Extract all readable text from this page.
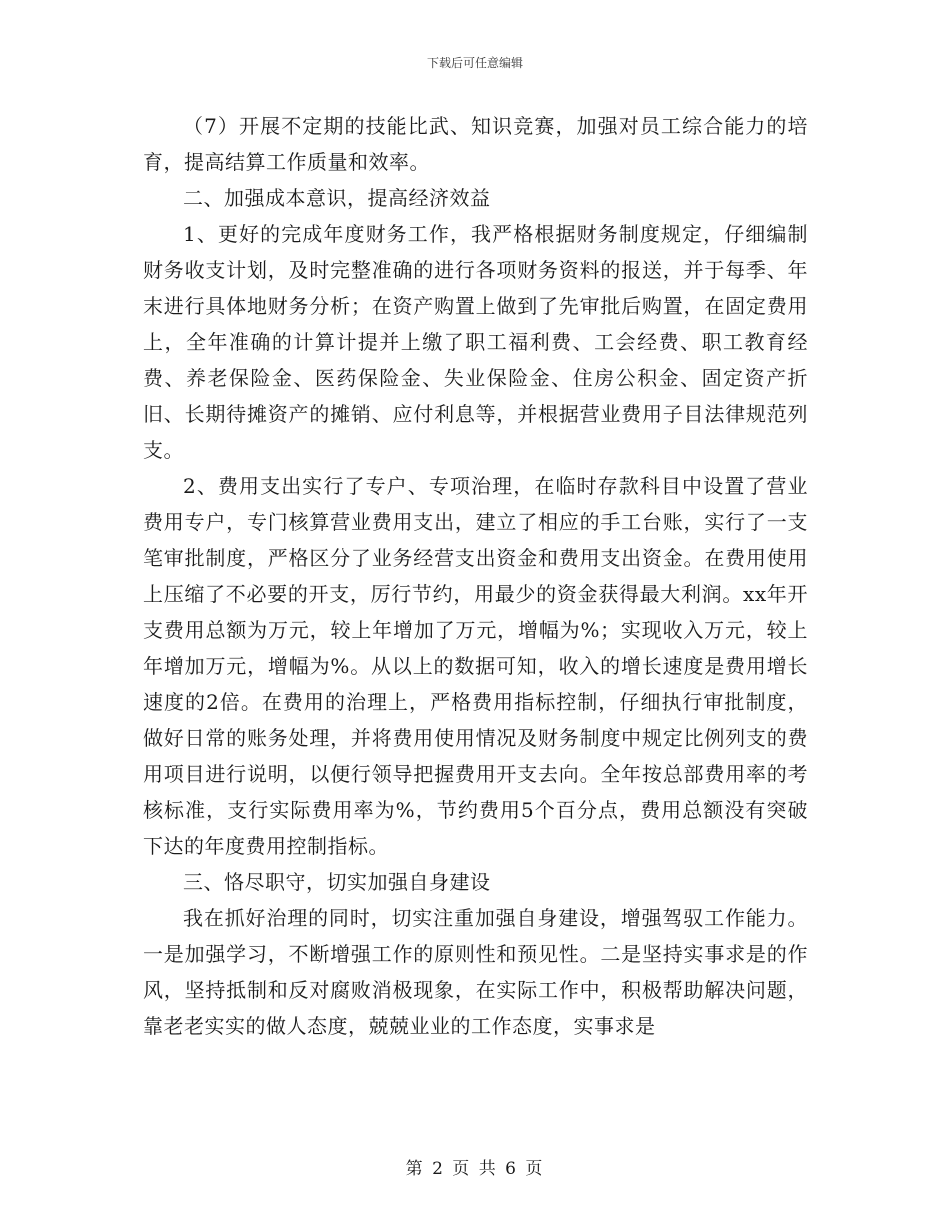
下载后可任意编辑

（7）开展不定期的技能比武、知识竞赛，加强对员工综合能力的培育，提高结算工作质量和效率。

二、加强成本意识，提高经济效益

1、更好的完成年度财务工作，我严格根据财务制度规定，仔细编制财务收支计划，及时完整准确的进行各项财务资料的报送，并于每季、年末进行具体地财务分析；在资产购置上做到了先审批后购置，在固定费用上，全年准确的计算计提并上缴了职工福利费、工会经费、职工教育经费、养老保险金、医药保险金、失业保险金、住房公积金、固定资产折旧、长期待摊资产的摊销、应付利息等，并根据营业费用子目法律规范列支。

2、费用支出实行了专户、专项治理，在临时存款科目中设置了营业费用专户，专门核算营业费用支出，建立了相应的手工台账，实行了一支笔审批制度，严格区分了业务经营支出资金和费用支出资金。在费用使用上压缩了不必要的开支，厉行节约，用最少的资金获得最大利润。xx年开支费用总额为万元，较上年增加了万元，增幅为%；实现收入万元，较上年增加万元，增幅为%。从以上的数据可知，收入的增长速度是费用增长速度的2倍。在费用的治理上，严格费用指标控制，仔细执行审批制度，做好日常的账务处理，并将费用使用情况及财务制度中规定比例列支的费用项目进行说明，以便行领导把握费用开支去向。全年按总部费用率的考核标准，支行实际费用率为%，节约费用5个百分点，费用总额没有突破下达的年度费用控制指标。

三、恪尽职守，切实加强自身建设

我在抓好治理的同时，切实注重加强自身建设，增强驾驭工作能力。一是加强学习，不断增强工作的原则性和预见性。二是坚持实事求是的作风，坚持抵制和反对腐败消极现象，在实际工作中，积极帮助解决问题，靠老老实实的做人态度，兢兢业业的工作态度，实事求是

第 2 页 共 6 页
